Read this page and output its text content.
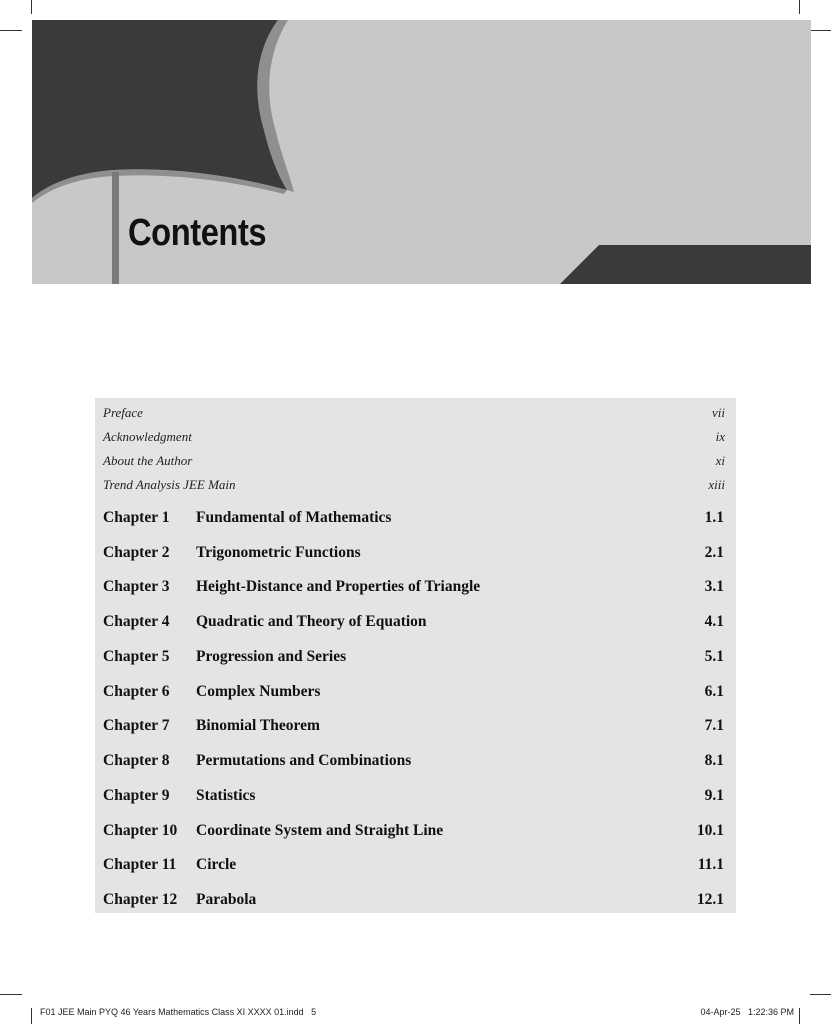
Contents
Preface	vii
Acknowledgment	ix
About the Author	xi
Trend Analysis JEE Main	xiii
Chapter 1 Fundamental of Mathematics	1.1
Chapter 2 Trigonometric Functions	2.1
Chapter 3 Height-Distance and Properties of Triangle	3.1
Chapter 4 Quadratic and Theory of Equation	4.1
Chapter 5 Progression and Series	5.1
Chapter 6 Complex Numbers	6.1
Chapter 7 Binomial Theorem	7.1
Chapter 8 Permutations and Combinations	8.1
Chapter 9 Statistics	9.1
Chapter 10 Coordinate System and Straight Line	10.1
Chapter 11 Circle	11.1
Chapter 12 Parabola	12.1
F01 JEE Main PYQ 46 Years Mathematics Class XI XXXX 01.indd   5	04-Apr-25   1:22:36 PM
